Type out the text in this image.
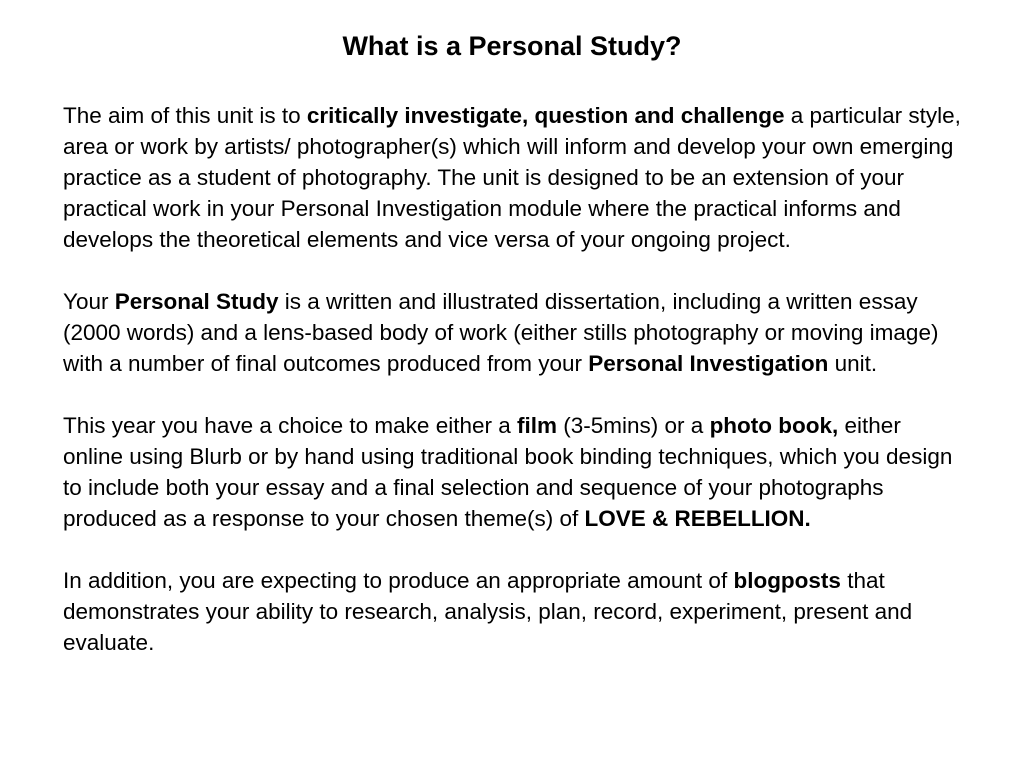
What is a Personal Study?

The aim of this unit is to critically investigate, question and challenge a particular style, area or work by artists/ photographer(s) which will inform and develop your own emerging practice as a student of photography. The unit is designed to be an extension of your practical work in your Personal Investigation module where the practical informs and develops the theoretical elements and vice versa of your ongoing project.

Your Personal Study is a written and illustrated dissertation, including a written essay (2000 words) and a lens-based body of work (either stills photography or moving image) with a number of final outcomes produced from your Personal Investigation unit.

This year you have a choice to make either a film (3-5mins) or a photo book, either online using Blurb or by hand using traditional book binding techniques, which you design to include both your essay and a final selection and sequence of your photographs produced as a response to your chosen theme(s) of LOVE & REBELLION.

In addition, you are expecting to produce an appropriate amount of blogposts that demonstrates your ability to research, analysis, plan, record, experiment, present and evaluate.
